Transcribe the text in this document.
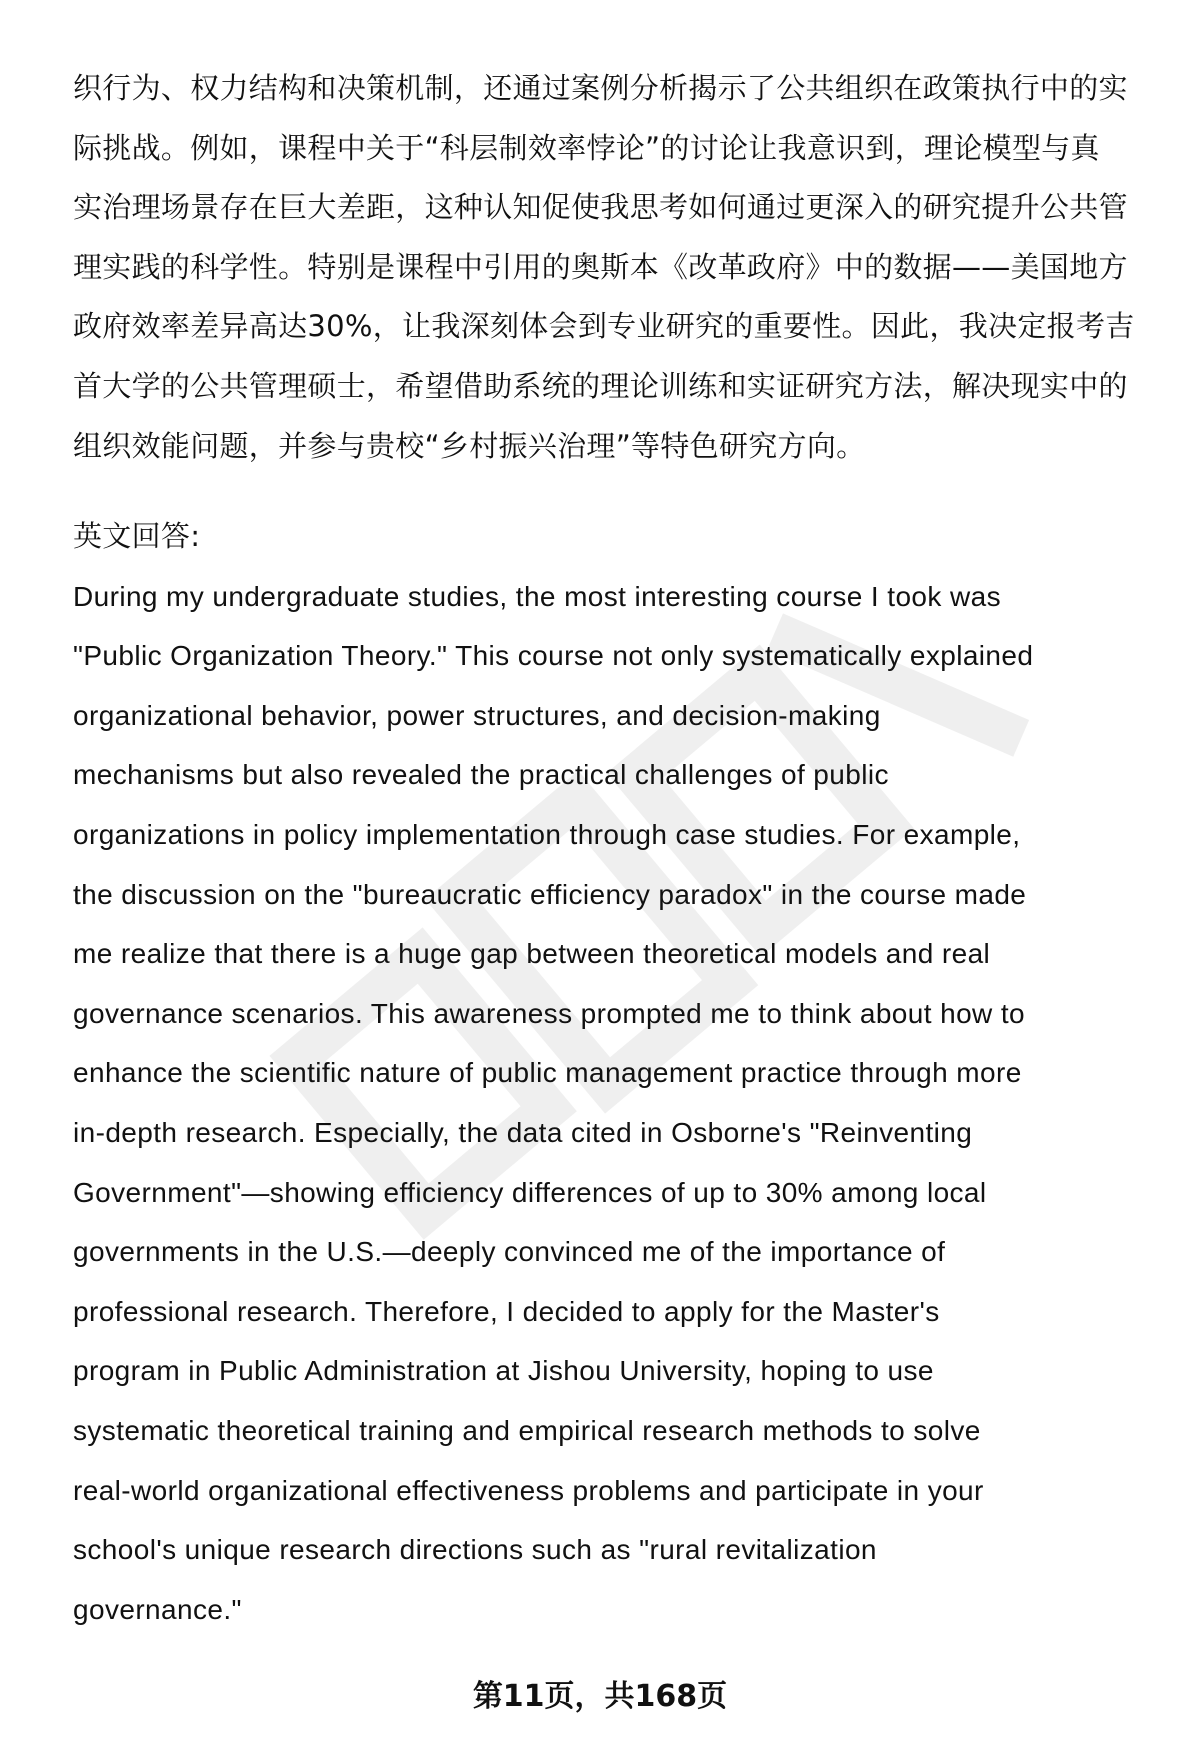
织行为、权力结构和决策机制，还通过案例分析揭示了公共组织在政策执行中的实
际挑战。例如，课程中关于“科层制效率悖论”的讨论让我意识到，理论模型与真
实治理场景存在巨大差距，这种认知促使我思考如何通过更深入的研究提升公共管
理实践的科学性。特别是课程中引用的奥斯本《改革政府》中的数据——美国地方
政府效率差异高达30%，让我深刻体会到专业研究的重要性。因此，我决定报考吉
首大学的公共管理硕士，希望借助系统的理论训练和实证研究方法，解决现实中的
组织效能问题，并参与贵校“乡村振兴治理”等特色研究方向。
英文回答:
During my undergraduate studies, the most interesting course I took was
"Public Organization Theory." This course not only systematically explained
organizational behavior, power structures, and decision-making
mechanisms but also revealed the practical challenges of public
organizations in policy implementation through case studies. For example,
the discussion on the "bureaucratic efficiency paradox" in the course made
me realize that there is a huge gap between theoretical models and real
governance scenarios. This awareness prompted me to think about how to
enhance the scientific nature of public management practice through more
in-depth research. Especially, the data cited in Osborne's "Reinventing
Government"—showing efficiency differences of up to 30% among local
governments in the U.S.—deeply convinced me of the importance of
professional research. Therefore, I decided to apply for the Master's
program in Public Administration at Jishou University, hoping to use
systematic theoretical training and empirical research methods to solve
real-world organizational effectiveness problems and participate in your
school's unique research directions such as "rural revitalization
governance."
第11页，共168页
